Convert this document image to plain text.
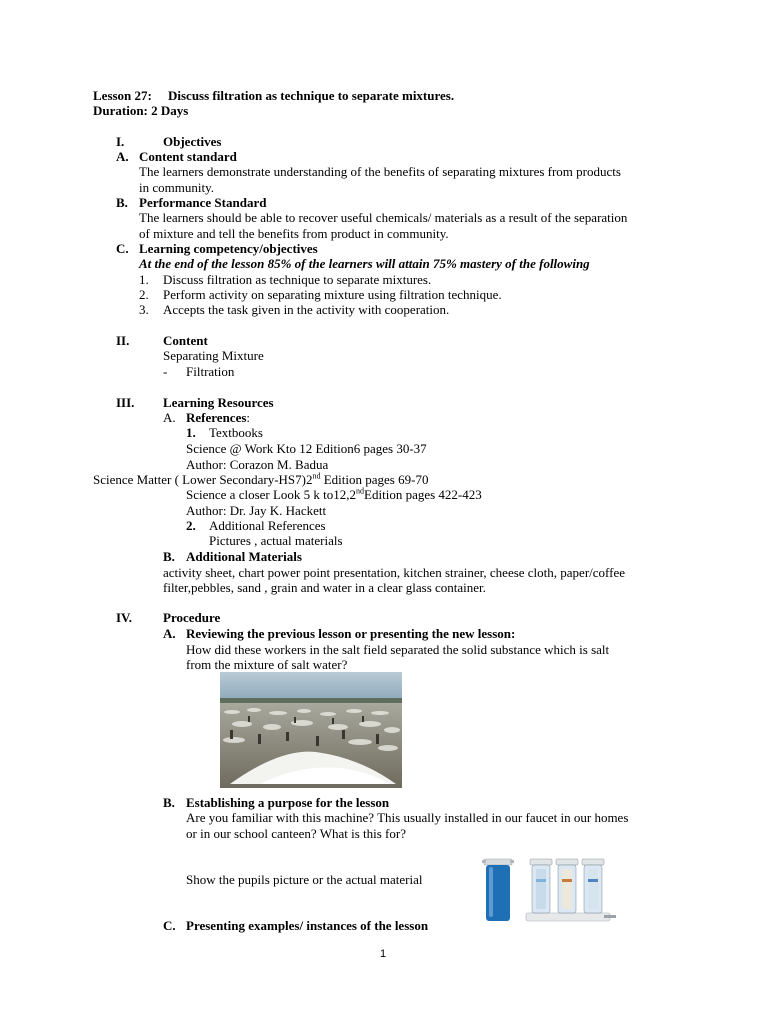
Lesson 27: Discuss filtration as technique to separate mixtures.
Duration: 2 Days
I.	Objectives
A. Content standard
The learners demonstrate understanding of the benefits of separating mixtures from products
in community.
B. Performance Standard
The learners should be able to recover useful chemicals/ materials as a result of the separation
of mixture and tell the benefits from product in community.
C. Learning competency/objectives
At the end of the lesson 85% of the learners will attain 75% mastery of the following
1. Discuss filtration as technique to separate mixtures.
2. Perform activity on separating mixture using filtration technique.
3. Accepts the task given in the activity with cooperation.
II.	Content
Separating Mixture
- Filtration
III. Learning Resources
A. References:
1. Textbooks
Science @ Work Kto 12 Edition6 pages 30-37
Author: Corazon M. Badua
Science Matter ( Lower Secondary-HS7)2nd Edition pages 69-70
Science a closer Look 5 k to12,2ndEdition pages 422-423
Author: Dr. Jay K. Hackett
2. Additional References
Pictures , actual materials
B. Additional Materials
activity sheet, chart power point presentation, kitchen strainer, cheese cloth, paper/coffee
filter,pebbles, sand , grain and water in a clear glass container.
IV. Procedure
A. Reviewing the previous lesson or presenting the new lesson:
How did these workers in the salt field separated the solid substance which is salt
from the mixture of salt water?
B. Establishing a purpose for the lesson
Are you familiar with this machine? This usually installed in our faucet in our homes
or in our school canteen? What is this for?
Show the pupils picture or the actual material
C. Presenting examples/ instances of the lesson
1
